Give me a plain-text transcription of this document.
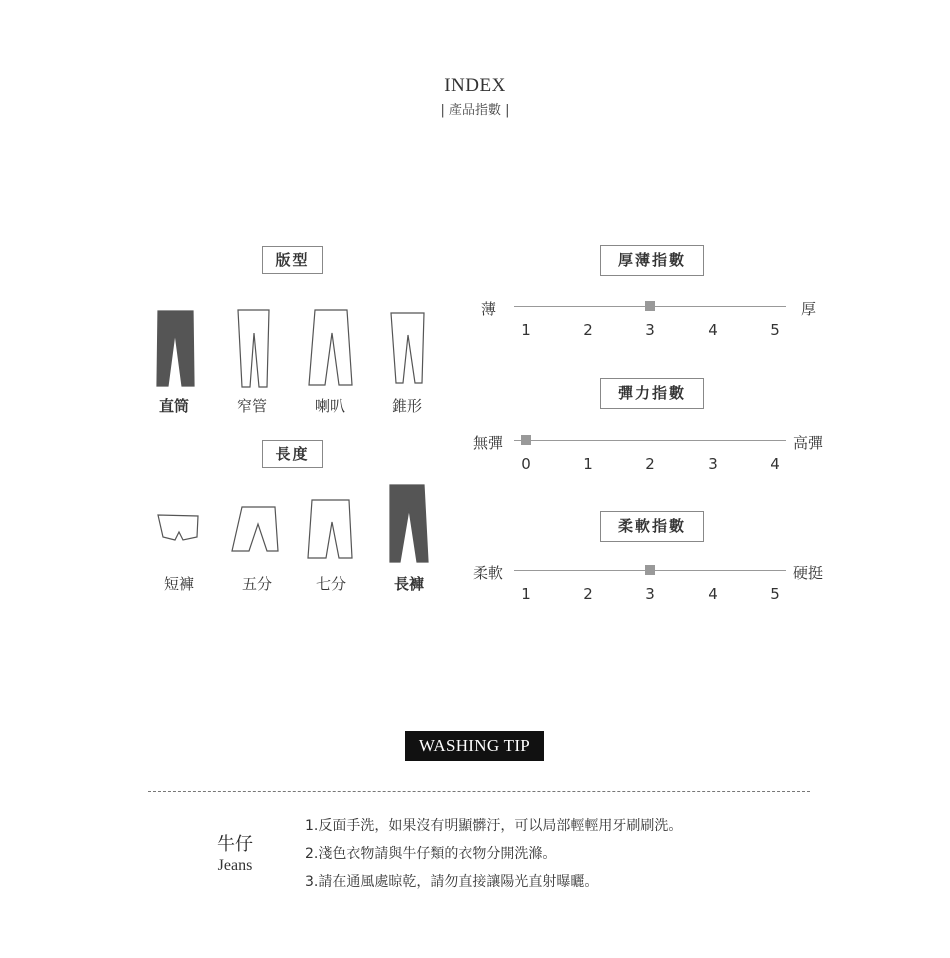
INDEX
| 產品指數 |
版型
直筒	窄管	喇叭	錐形
長度
短褲	五分	七分	長褲
厚薄指數
薄	厚
1	2	3	4	5
彈力指數
無彈	高彈
0	1	2	3	4
柔軟指數
柔軟	硬挺
1	2	3	4	5
WASHING TIP
牛仔
Jeans
1.反面手洗，如果沒有明顯髒汙，可以局部輕輕用牙刷刷洗。
2.淺色衣物請與牛仔類的衣物分開洗滌。
3.請在通風處晾乾，請勿直接讓陽光直射曝曬。
